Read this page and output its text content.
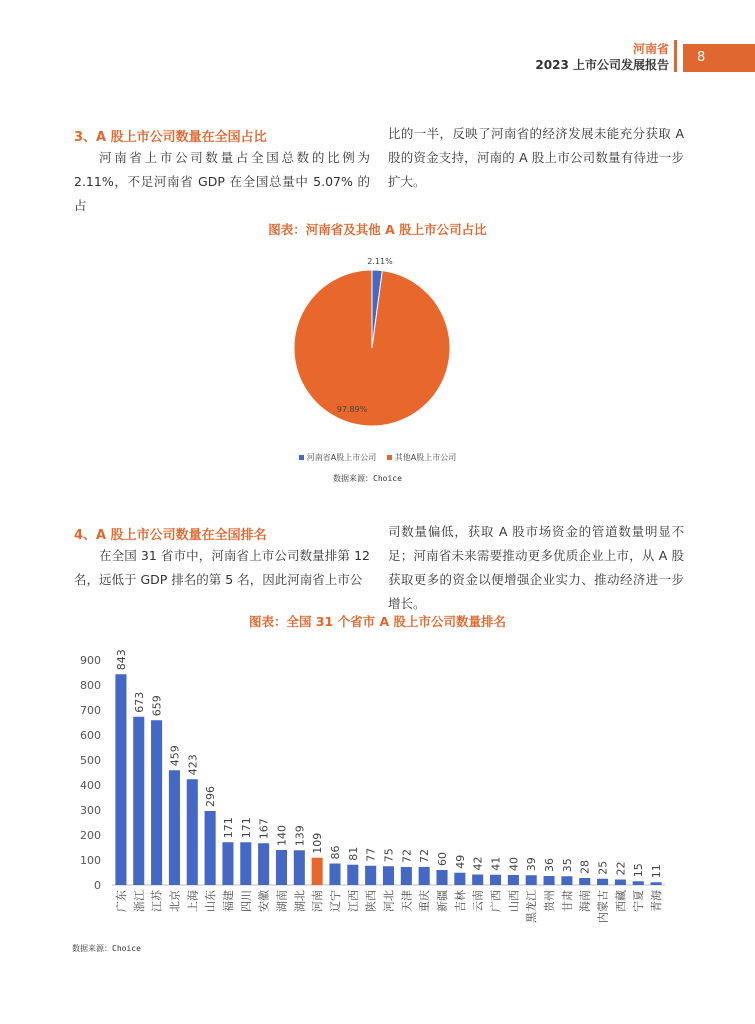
河南省
2023 上市公司发展报告	8
3、A 股上市公司数量在全国占比

河南省上市公司数量占全国总数的比例为 2.11%，不足河南省 GDP 在全国总量中 5.07% 的占

比的一半，反映了河南省的经济发展未能充分获取 A 股的资金支持，河南的 A 股上市公司数量有待进一步扩大。

图表：河南省及其他 A 股上市公司占比
2.11%
97.89%
河南省A股上市公司 其他A股上市公司
数据来源：Choice
4、A 股上市公司数量在全国排名

在全国 31 省市中，河南省上市公司数量排第 12 名，远低于 GDP 排名的第 5 名，因此河南省上市公

司数量偏低，获取 A 股市场资金的管道数量明显不足；河南省未来需要推动更多优质企业上市，从 A 股获取更多的资金以便增强企业实力、推动经济进一步增长。

图表：全国 31 个省市 A 股上市公司数量排名
0
100
200
300
400
500
600
700
800
900 843
广东
673
浙江
659
江苏
459
北京
423
上海
296
山东
171
福建
171
四川
167
安徽
140
湖南
139
湖北
109
河南
86
辽宁
81
江西
77
陕西
75
河北
72
天津
72
重庆
60
新疆
49
吉林
42
云南
41
广西
40
山西
39
黑龙江
36
贵州
35
甘肃
28
海南
25
内蒙古
22
西藏
15
宁夏
11
青海
数据来源：Choice
